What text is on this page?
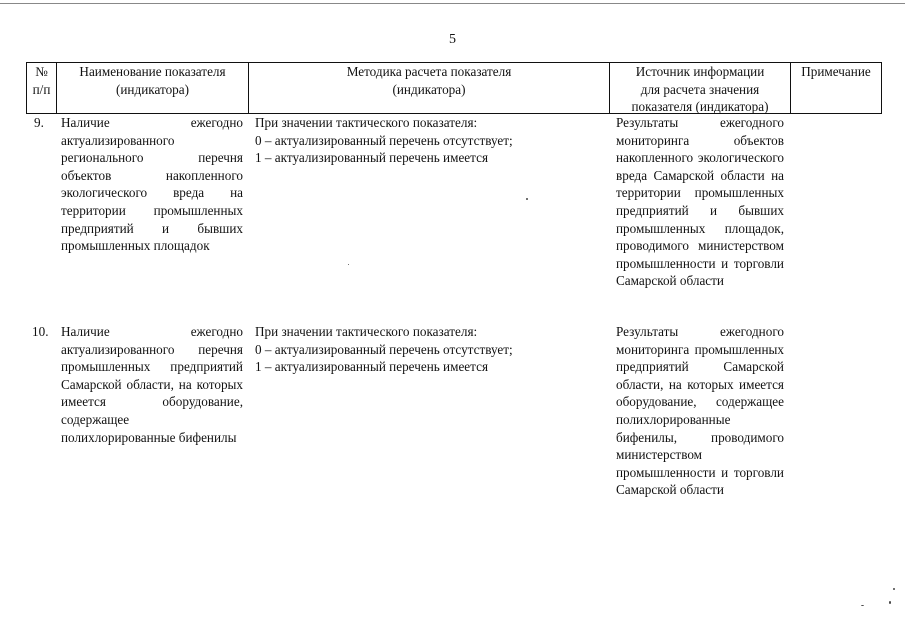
5
№
п/п
Наименование показателя
(индикатора)
Методика расчета показателя
(индикатора)
Источник информации
для расчета значения
показателя (индикатора)
Примечание
9.	Наличие ежегодно актуализированного регионального перечня объектов накопленного экологического вреда на территории промышленных предприятий и бывших промышленных площадок
При значении тактического показателя:
0 – актуализированный перечень отсутствует;
1 – актуализированный перечень имеется
Результаты ежегодного мониторинга объектов накопленного экологического вреда Самарской области на территории промышленных предприятий и бывших промышленных площадок, проводимого министерством промышленности и торговли Самарской области
10. Наличие ежегодно актуализированного перечня промышленных предприятий Самарской области, на которых имеется оборудование, содержащее полихлорированные бифенилы
При значении тактического показателя:
0 – актуализированный перечень отсутствует;
1 – актуализированный перечень имеется
Результаты ежегодного мониторинга промышленных предприятий Самарской области, на которых имеется оборудование, содержащее полихлорированные бифенилы, проводимого министерством промышленности и торговли Самарской области
